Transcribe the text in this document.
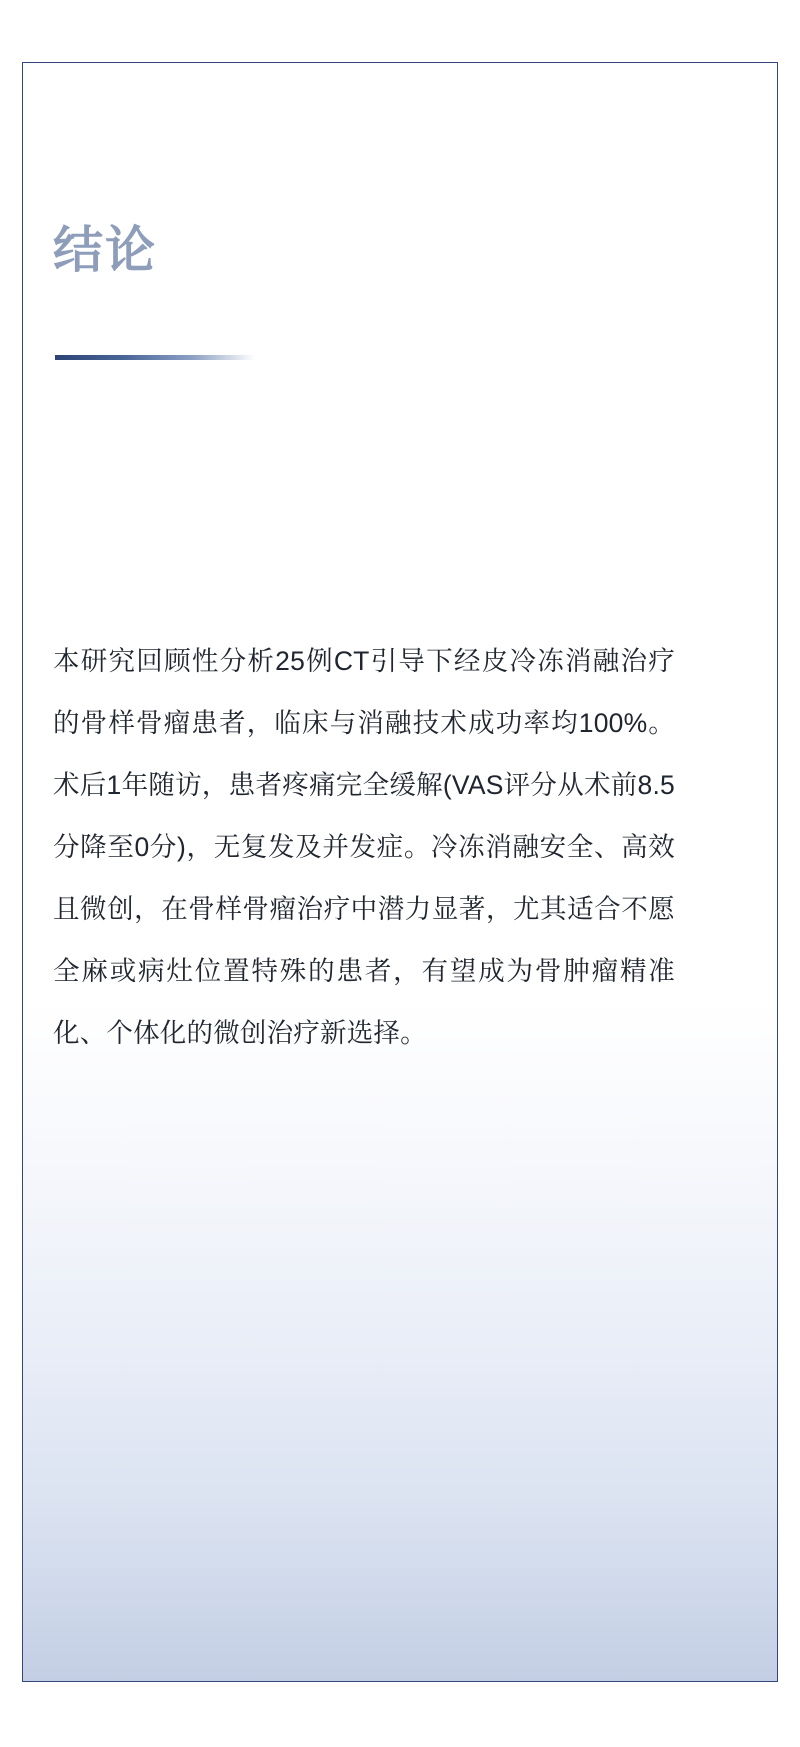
结论

本研究回顾性分析25例CT引导下经皮冷冻消融治疗的骨样骨瘤患者，临床与消融技术成功率均100%。术后1年随访，患者疼痛完全缓解(VAS评分从术前8.5分降至0分)，无复发及并发症。冷冻消融安全、高效且微创，在骨样骨瘤治疗中潜力显著，尤其适合不愿全麻或病灶位置特殊的患者，有望成为骨肿瘤精准化、个体化的微创治疗新选择。
